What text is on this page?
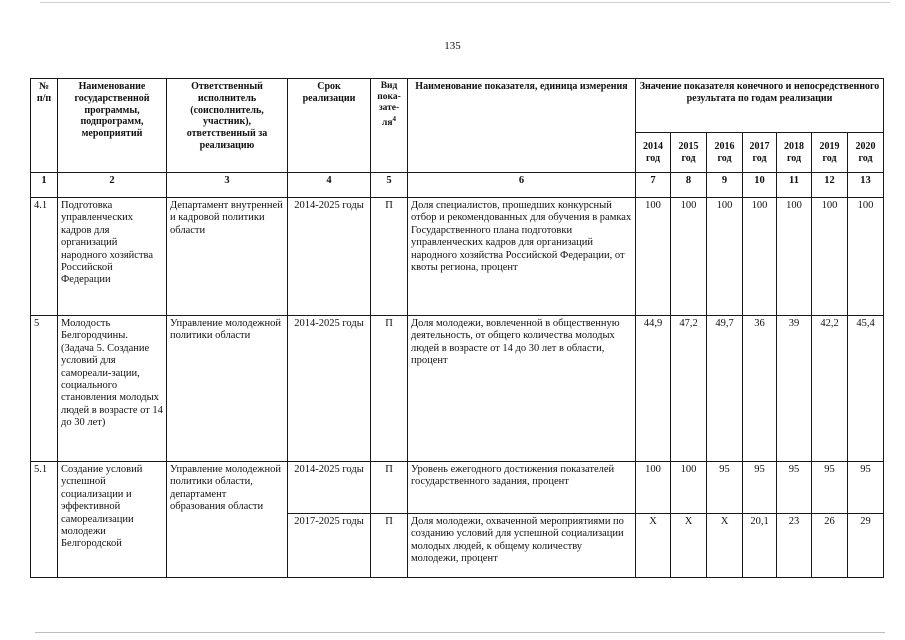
135
№ п/п	Наименование государственной программы, подпрограмм, мероприятий	Ответственный исполнитель (соисполнитель, участник), ответственный за реализацию	Срок реализации	Вид пока-$зате-ля^4$	Наименование показателя, единица измерения	Значение показателя конечного и непосредственного результата по годам реализации						
						2014 год	2015 год	2016 год	2017 год	2018 год	2019 год	2020 год
1	2	3	4	5	6	7	8	9	10	11	12	13
4.1	Подготовка управленческих кадров для организаций народного хозяйства Российской Федерации	Департамент внутренней и кадровой политики области	2014-2025 годы	П	Доля специалистов, прошедших конкурсный отбор и рекомендованных для обучения в рамках Государственного плана подготовки управленческих кадров для организаций народного хозяйства Российской Федерации, от квоты региона, процент	100	100	100	100	100	100	100
5	Молодость Белгородчины. (Задача 5. Создание условий для самореали-зации, социального становления молодых людей в возрасте от 14 до 30 лет)	Управление молодежной политики области	2014-2025 годы	П	Доля молодежи, вовлеченной в общественную деятельность, от общего количества молодых людей в возрасте от 14 до 30 лет в области, процент	44,9	47,2	49,7	36	39	42,2	45,4
5.1	Создание условий успешной социализации и эффективной самореализации молодежи Белгородской	Управление молодежной политики области, департамент образования области	2014-2025 годы	П	Уровень ежегодного достижения показателей государственного задания, процент	100	100	95	95	95	95	95
			2017-2025 годы	П	Доля молодежи, охваченной мероприятиями по созданию условий для успешной социализации молодых людей, к общему количеству молодежи, процент	Х	Х	Х	20,1	23	26	29
